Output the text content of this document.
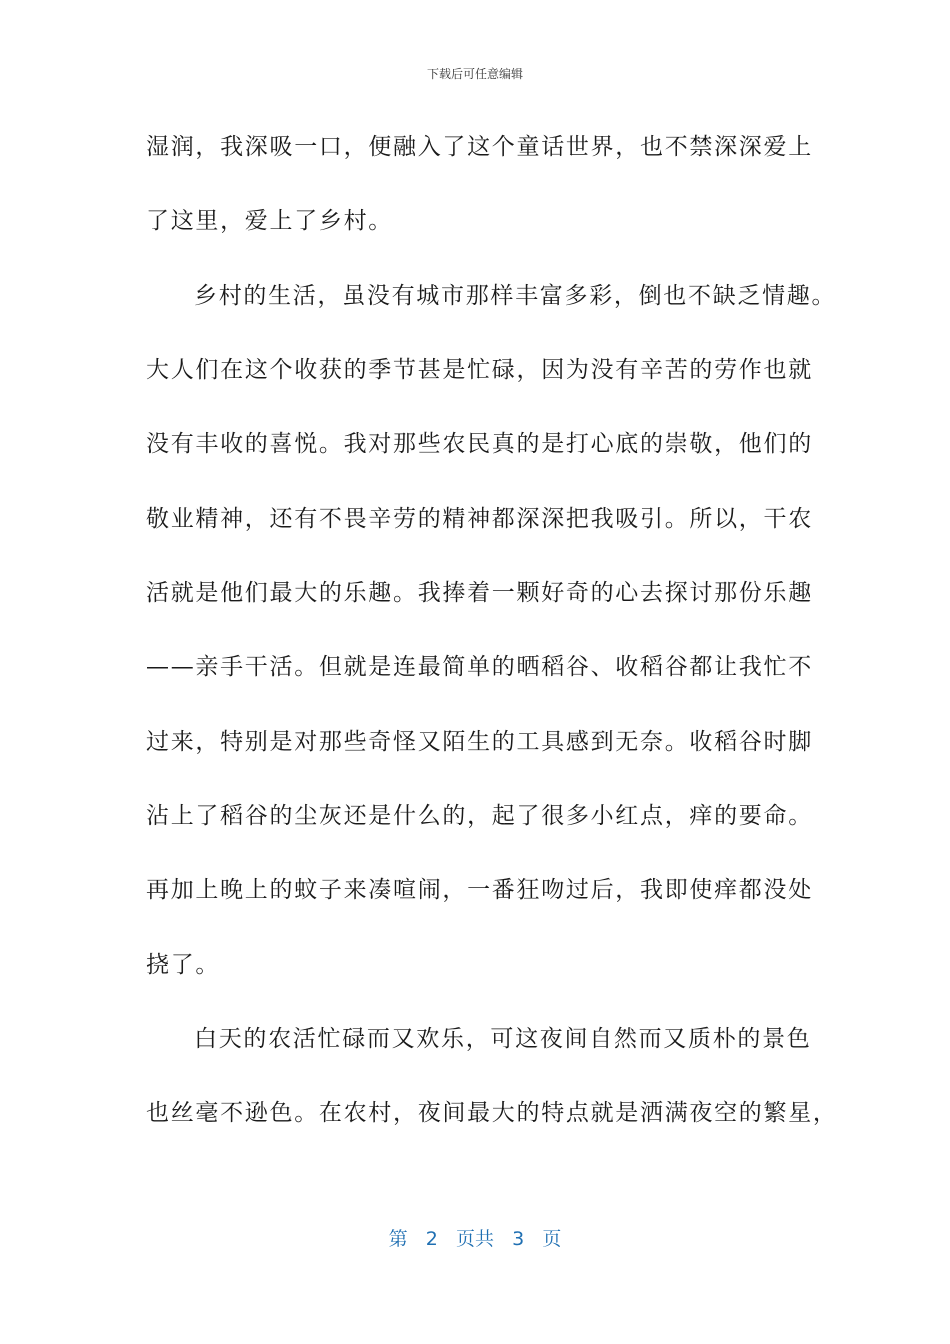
下载后可任意编辑
湿润，我深吸一口，便融入了这个童话世界，也不禁深深爱上
了这里，爱上了乡村。
乡村的生活，虽没有城市那样丰富多彩，倒也不缺乏情趣。
大人们在这个收获的季节甚是忙碌，因为没有辛苦的劳作也就
没有丰收的喜悦。我对那些农民真的是打心底的崇敬，他们的
敬业精神，还有不畏辛劳的精神都深深把我吸引。所以，干农
活就是他们最大的乐趣。我捧着一颗好奇的心去探讨那份乐趣
——亲手干活。但就是连最简单的晒稻谷、收稻谷都让我忙不
过来，特别是对那些奇怪又陌生的工具感到无奈。收稻谷时脚
沾上了稻谷的尘灰还是什么的，起了很多小红点，痒的要命。
再加上晚上的蚊子来凑喧闹，一番狂吻过后，我即使痒都没处
挠了。
白天的农活忙碌而又欢乐，可这夜间自然而又质朴的景色
也丝毫不逊色。在农村，夜间最大的特点就是洒满夜空的繁星，
第 2 页共 3 页
